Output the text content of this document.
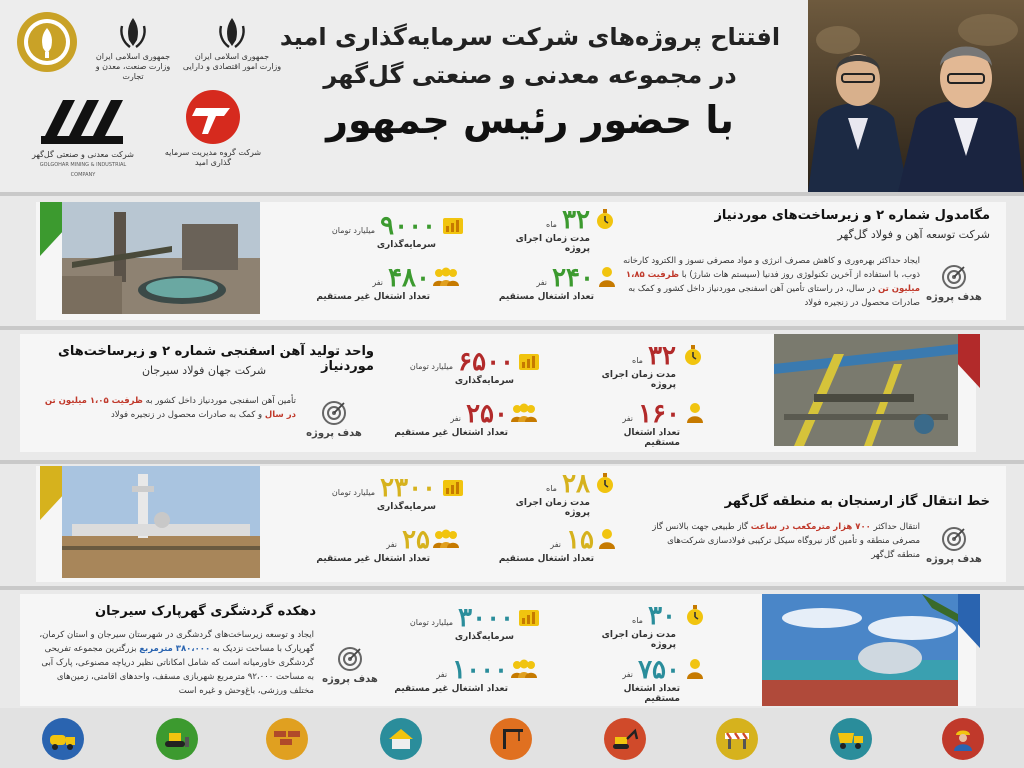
جمهوری اسلامی ایران
وزارت صنعت، معدن و تجارت
جمهوری اسلامی ایران
وزارت امور اقتصادی و دارایی
شرکت معدنی و صنعتی گل‌گهر
GOLGOHAR MINING & INDUSTRIAL COMPANY
شرکت گروه مدیریت سرمایه گذاری امید
افتتاح پروژه‌های شرکت سرمایه‌گذاری امید
در مجموعه معدنی و صنعتی گل‌گهر
با حضور رئیس جمهور
۹۰۰۰ میلیارد تومان
سرمایه‌گذاری
۳۲ ماه
مدت زمان اجرای پروژه
۴۸۰ نفر
تعداد اشتغال غیر مستقیم
۲۴۰ نفر
تعداد اشتغال مستقیم
مگامدول شماره ۲ و زیرساخت‌های موردنیاز
شرکت توسعه آهن و فولاد گل‌گهر
ایجاد حداکثر بهره‌وری و کاهش مصرف انرژی و مواد مصرفی نسوز و الکترود کارخانه ذوب، با استفاده از آخرین تکنولوژی روز فدنیا (سیستم هات شارژ) با ظرفیت ۱،۸۵ میلیون تن در سال، در راستای تأمین آهن اسفنجی موردنیاز داخل کشور و کمک به صادرات محصول در زنجیره فولاد هدف پروژه
واحد تولید آهن اسفنجی شماره ۲ و زیرساخت‌های موردنیاز
شرکت جهان فولاد سیرجان
تأمین آهن اسفنجی موردنیاز داخل کشور به ظرفیت ۱،۰۵ میلیون تن در سال و کمک به صادرات محصول در زنجیره فولاد
هدف پروژه
۶۵۰۰ میلیارد تومان
سرمایه‌گذاری
۳۲ ماه
مدت زمان اجرای پروژه
۲۵۰ نفر
تعداد اشتغال غیر مستقیم
۱۶۰ نفر
تعداد اشتغال مستقیم
۲۳۰۰ میلیارد تومان
سرمایه‌گذاری
۲۸ ماه
مدت زمان اجرای پروژه
۲۵ نفر
تعداد اشتغال غیر مستقیم
۱۵ نفر
تعداد اشتغال مستقیم
خط انتقال گاز ارسنجان به منطقه گل‌گهر
انتقال حداکثر ۷۰۰ هزار مترمکعب در ساعت گاز طبیعی جهت بالانس گاز مصرفی منطقه و تأمین گاز نیروگاه سیکل ترکیبی فولادسازی شرکت‌های منطقه گل‌گهر هدف پروژه
دهکده گردشگری گهرپارک سیرجان
ایجاد و توسعه زیرساخت‌های گردشگری در شهرستان سیرجان و استان کرمان، گهرپارک با مساحت نزدیک به ۳۸۰،۰۰۰ مترمربع بزرگترین مجموعه تفریحی گردشگری خاورمیانه است که شامل امکاناتی نظیر دریاچه مصنوعی، پارک آبی به مساحت ۹۲،۰۰۰ مترمربع شهربازی مسقف، واحدهای اقامتی، زمین‌های مختلف ورزشی، باغ‌وحش و غیره است
هدف پروژه
۳۰۰۰ میلیارد تومان
سرمایه‌گذاری
۳۰ ماه
مدت زمان اجرای پروژه
۱۰۰۰ نفر
تعداد اشتغال غیر مستقیم
۷۵۰ نفر
تعداد اشتغال مستقیم
